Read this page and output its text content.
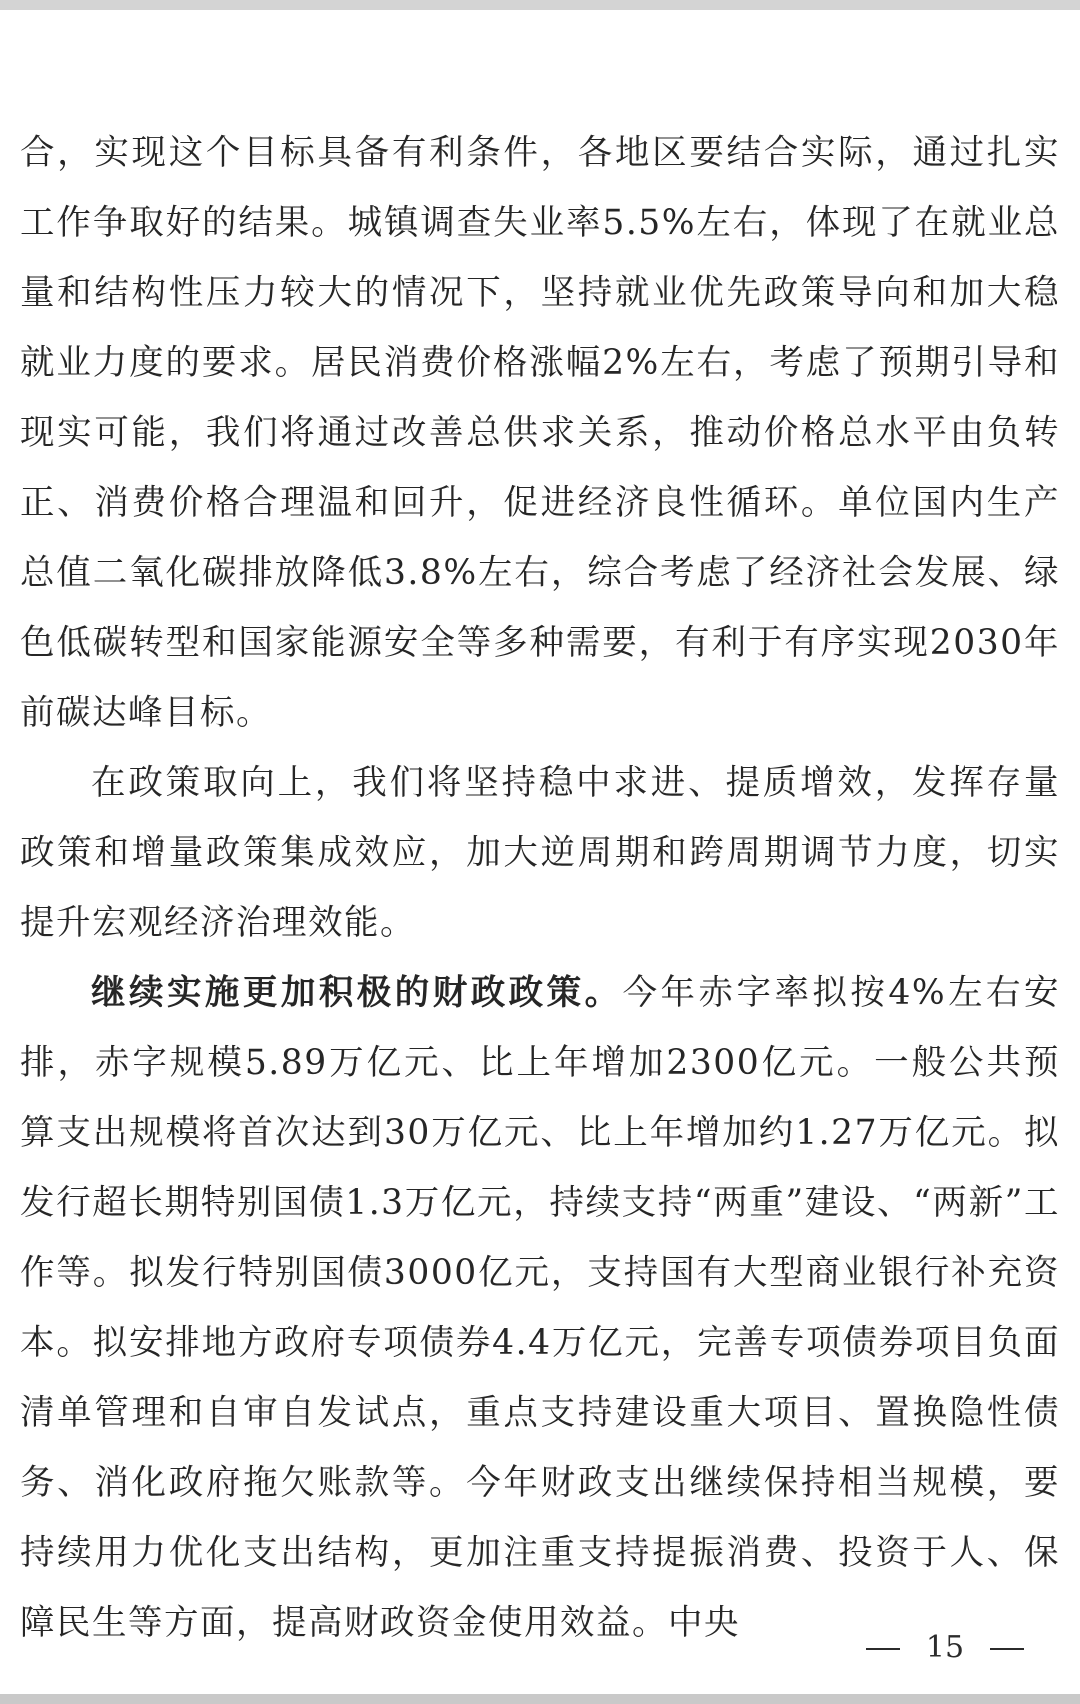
合，实现这个目标具备有利条件，各地区要结合实际，通过扎实工作争取好的结果。城镇调查失业率5.5%左右，体现了在就业总量和结构性压力较大的情况下，坚持就业优先政策导向和加大稳就业力度的要求。居民消费价格涨幅2%左右，考虑了预期引导和现实可能，我们将通过改善总供求关系，推动价格总水平由负转正、消费价格合理温和回升，促进经济良性循环。单位国内生产总值二氧化碳排放降低3.8%左右，综合考虑了经济社会发展、绿色低碳转型和国家能源安全等多种需要，有利于有序实现2030年前碳达峰目标。

在政策取向上，我们将坚持稳中求进、提质增效，发挥存量政策和增量政策集成效应，加大逆周期和跨周期调节力度，切实提升宏观经济治理效能。

继续实施更加积极的财政政策。今年赤字率拟按4%左右安排，赤字规模5.89万亿元、比上年增加2300亿元。一般公共预算支出规模将首次达到30万亿元、比上年增加约1.27万亿元。拟发行超长期特别国债1.3万亿元，持续支持“两重”建设、“两新”工作等。拟发行特别国债3000亿元，支持国有大型商业银行补充资本。拟安排地方政府专项债券4.4万亿元，完善专项债券项目负面清单管理和自审自发试点，重点支持建设重大项目、置换隐性债务、消化政府拖欠账款等。今年财政支出继续保持相当规模，要持续用力优化支出结构，更加注重支持提振消费、投资于人、保障民生等方面，提高财政资金使用效益。中央

15
